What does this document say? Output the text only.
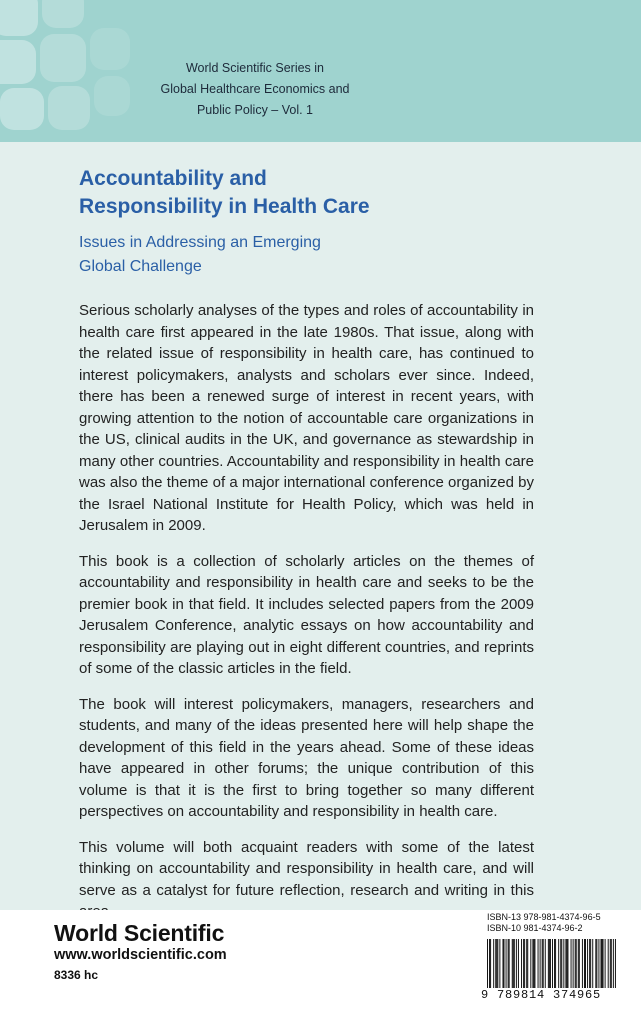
World Scientific Series in
Global Healthcare Economics and
Public Policy – Vol. 1
Accountability and
Responsibility in Health Care
Issues in Addressing an Emerging
Global Challenge

Serious scholarly analyses of the types and roles of accountability in health care first appeared in the late 1980s. That issue, along with the related issue of responsibility in health care, has continued to interest policymakers, analysts and scholars ever since. Indeed, there has been a renewed surge of interest in recent years, with growing attention to the notion of accountable care organizations in the US, clinical audits in the UK, and governance as stewardship in many other countries. Accountability and responsibility in health care was also the theme of a major international conference organized by the Israel National Institute for Health Policy, which was held in Jerusalem in 2009.

This book is a collection of scholarly articles on the themes of accountability and responsibility in health care and seeks to be the premier book in that field. It includes selected papers from the 2009 Jerusalem Conference, analytic essays on how accountability and responsibility are playing out in eight different countries, and reprints of some of the classic articles in the field.

The book will interest policymakers, managers, researchers and students, and many of the ideas presented here will help shape the development of this field in the years ahead. Some of these ideas have appeared in other forums; the unique contribution of this volume is that it is the first to bring together so many different perspectives on accountability and responsibility in health care.

This volume will both acquaint readers with some of the latest thinking on accountability and responsibility in health care, and will serve as a catalyst for future reflection, research and writing in this

World Scientific
www.worldscientific.com
8336 hc
ISBN-13 978-981-4374-96-5
ISBN-10 981-4374-96-2
9 789814 374965
